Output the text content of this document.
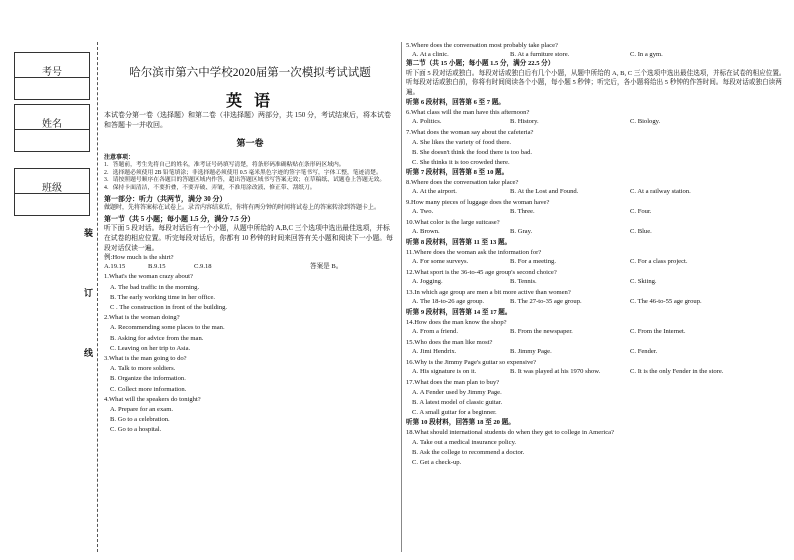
考号
姓名
班级
装
订
线
哈尔滨市第六中学校2020届第一次模拟考试试题
英 语
本试卷分第一卷（选择题）和第二卷（非选择题）两部分，共 150 分，考试结束后，将本试卷和答题卡一并收回。
第一卷
注意事项：
1．答题前，考生先将自己的姓名，准考证号码填写清楚，将条形码准确粘贴在条形码区域内。
2．选择题必须使用 2B 铅笔填涂；非选择题必须使用 0.5 毫米黑色字迹的签字笔书写，字体工整，笔迹清楚。
3．请按照题号顺序在各题目的答题区域内作答，超出答题区域书写答案无效；在草稿纸、试题卷上答题无效。
4．保持卡面清洁，不要折叠，不要弄破、弄皱，不准用涂改液、修正带、刮纸刀。
第一部分：听力（共两节，满分 30 分）
做题时，先将答案标在试卷上。录音内容结束后，你将有两分钟的时间将试卷上的答案转涂到答题卡上。
第一节（共 5 小题；每小题 1.5 分，满分 7.5 分）
听下面 5 段对话。每段对话后有一个小题，从题中所给的 A,B,C 三个选项中选出最佳选项，并标在试卷的相应位置。听完每段对话后，你都有 10 秒钟的时间来回答有关小题和阅读下一小题。每段对话仅读一遍。
例:How much is the shirt?
A.19.15	B.9.15	C.9.18	答案是 B。
1.What's the woman crazy about?
A. The bad traffic in the morning.
B. The early working time in her office.
C . The construction in front of the building.
2.What is the woman doing?
A. Recommending some places to the man.
B. Asking for advice from the man.
C. Leaving on her trip to Asia.
3.What is the man going to do?
A. Talk to more soldiers.
B. Organize the information.
C. Collect more information.
4.What will the speakers do tonight?
A. Prepare for an exam.
B. Go to a celebration.
C. Go to a hospital.
5.Where does the conversation most probably take place?
A. At a clinic.	B. At a furniture store.	C. In a gym.
第二节（共 15 小题；每小题 1.5 分，满分 22.5 分）
听下面 5 段对话或独白。每段对话或独白后有几个小题，从题中所给的 A, B, C 三个选项中选出最佳选项，并标在试卷的相应位置。听每段对话或独白前，你将有时间阅读各个小题，每小题 5 秒钟；听完后，各小题将给出 5 秒钟的作答时间。每段对话或独白读两遍。
听第 6 段材料，回答第 6 至 7 题。
6.What class will the man have this afternoon?
A. Politics.	B. History.	C. Biology.
7.What does the woman say about the cafeteria?
A. She likes the variety of food there.
B. She doesn't think the food there is too bad.
C. She thinks it is too crowded there.
听第 7 段材料，回答第 8 至 10 题。
8.Where does the conversation take place?
A. At the airport.	B. At the Lost and Found.	C. At a railway station.
9.How many pieces of luggage does the woman have?
A. Two.	B. Three.	C. Four.
10.What color is the large suitcase?
A. Brown.	B. Gray.	C. Blue.
听第 8 段材料，回答第 11 至 13 题。
11.Where does the woman ask the information for?
A. For some surveys.	B. For a meeting.	C. For a class project.
12.What sport is the 36-to-45 age group's second choice?
A. Jogging.	B. Tennis.	C. Skiing.
13.In which age group are men a bit more active than women?
A. The 18-to-26 age group.	B. The 27-to-35 age group.	C. The 46-to-55 age group.
听第 9 段材料，回答第 14 至 17 题。
14.How does the man know the shop?
A. From a friend.	B. From the newspaper.	C. From the Internet.
15.Who does the man like most?
A. Jimi Hendrix.	B. Jimmy Page.	C. Fender.
16.Why is the Jimmy Page's guitar so expensive?
A. His signature is on it.	B. It was played at his 1970 show.	C. It is the only Fender in the store.
17.What does the man plan to buy?
A. A Fender used by Jimmy Page.
B. A latest model of classic guitar.
C. A small guitar for a beginner.
听第 10 段材料，回答第 18 至 20 题。
18.What should international students do when they get to college in America?
A. Take out a medical insurance policy.
B. Ask the college to recommend a doctor.
C. Get a check-up.
